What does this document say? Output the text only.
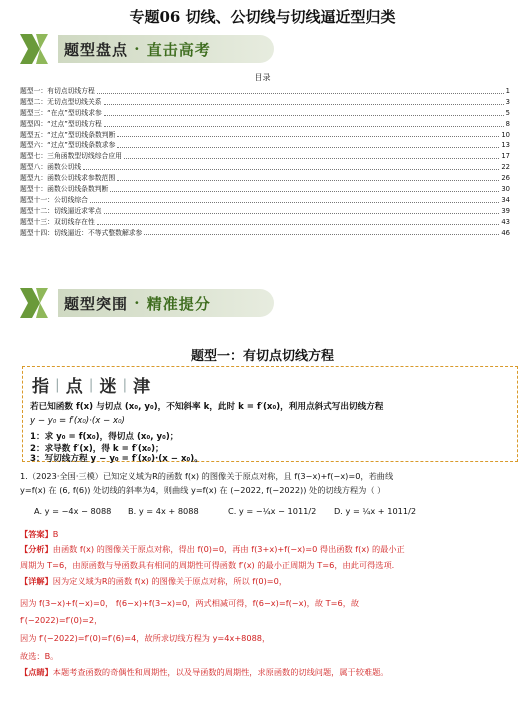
专题06 切线、公切线与切线逼近型归类
题型盘点 · 直击高考
目录
题型一：有切点切线方程	1
题型二：无切点型切线关系	3
题型三：“在点”型切线求参	5
题型四：“过点”型切线方程	8
题型五：“过点”型切线条数判断	10
题型六：“过点”型切线条数求参	13
题型七：三角函数型切线综合应用	17
题型八：函数公切线	22
题型九：函数公切线求参数范围	26
题型十：函数公切线条数判断	30
题型十一：公切线综合	34
题型十二：切线逼近求零点	39
题型十三：双切线存在性	43
题型十四：切线逼近：不等式整数解求参	46
题型突围 · 精准提分
题型一：有切点切线方程
指 | 点 | 迷 | 津
若已知函数 f(x) 与切点 (x₀, y₀)，不知斜率 k，此时 k = f′(x₀)，利用点斜式写出切线方程
y − y₀ = f′(x₀)·(x − x₀)
1：求 y₀ = f(x₀)，得切点 (x₀, y₀)；
2：求导数 f′(x)，得 k = f′(x₀)；
3：写切线方程 y − y₀ = f′(x₀)·(x − x₀)。
1.（2023·全国·三模）已知定义域为R的函数 f(x) 的图像关于原点对称，且 f(3−x)+f(−x)=0，若曲线
y=f(x) 在 (6, f(6)) 处切线的斜率为4，则曲线 y=f(x) 在 (−2022, f(−2022)) 处的切线方程为（ ）
A. y = −4x − 8088 B. y = 4x + 8088	C. y = −¼x − 1011/2 D. y = ¼x + 1011/2
【答案】B
【分析】由函数 f(x) 的图像关于原点对称，得出 f(0)=0，再由 f(3+x)+f(−x)=0 得出函数 f(x) 的最小正
周期为 T=6，由原函数与导函数具有相同的周期性可得函数 f′(x) 的最小正周期为 T=6，由此可得选项.
【详解】因为定义域为R的函数 f(x) 的图像关于原点对称，所以 f(0)=0，
因为 f(3−x)+f(−x)=0， f(6−x)+f(3−x)=0，两式相减可得，f(6−x)=f(−x)，故 T=6，故
f′(−2022)=f′(0)=2，
因为 f′(−2022)=f′(0)=f′(6)=4，故所求切线方程为 y=4x+8088，
故选：B。
【点睛】本题考查函数的奇偶性和周期性，以及导函数的周期性，求原函数的切线问题，属于较难题。
